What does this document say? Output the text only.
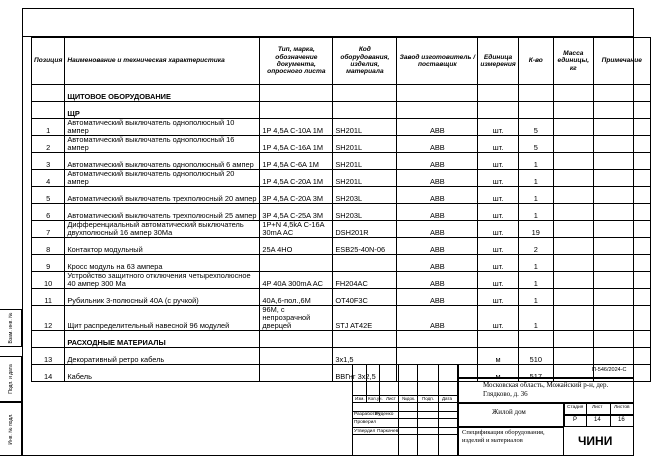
Позиция	Наименование и техническая характеристика	Тип, марка, обозначение документа, опросного листа	Код оборудования, изделия, материала	Завод изготовитель / поставщик	Единица измерения	К-во	Масса единицы, кг	Примечание
	ЩИТОВОЕ ОБОРУДОВАНИЕ							
	ЩР							
1	Автоматический выключатель однополюсный 10 ампер	1P 4,5A C-10A 1M	SH201L	ABB	шт.	5		
2	Автоматический выключатель однополюсный 16 ампер	1P 4,5A C-16A 1M	SH201L	ABB	шт.	5		
3	Автоматический выключатель однополюсный 6 ампер	1P 4,5A C-6A 1M	SH201L	ABB	шт.	1		
4	Автоматический выключатель однополюсный 20 ампер	1P 4,5A C-20A 1M	SH201L	ABB	шт.	1		
5	Автоматический выключатель трехполюсный 20 ампер	3P 4,5A C-20A 3M	SH203L	ABB	шт.	1		
6	Автоматический выключатель трехполюсный 25 ампер	3P 4,5A C-25A 3M	SH203L	ABB	шт.	1		
7	Дифференциальный автоматический выключатель двухполюсный 16 ампер 30Ма	1P+N 4,5kA C-16A 30mA AC	DSH201R	ABB	шт.	19		
8	Контактор модульный	25A 4HO	ESB25-40N-06	ABB	шт.	2		
9	Кросс модуль на 63 ампера			ABB	шт.	1		
10	Устройство защитного отключения четырехполюсное 40 ампер 300 Ма	4P 40A 300mA AC	FH204AC	ABB	шт.	1		
11	Рубильник 3-полюсный 40А (с ручкой)	40А,6-пол.,6М	OT40F3C	ABB	шт.	1		
12	Щит распределительный навесной 96 модулей	96М, с непрозрачной дверцей	STJ AT42E	ABB	шт.	1		
	РАСХОДНЫЕ МАТЕРИАЛЫ							
13	Декоративный ретро кабель		3x1,5		м	510		
14	Кабель		ВВГнг 3х2,5		м	517		
Взам. инв. №
Подп. и дата
Инв. № подл.
П-546/2024-С
Московская область, Можайский р-н, дер. Глядково, д. 36
Жилой дом
Спецификация оборудования, изделий и материалов
Изм. Кол.уч. Лист №док. Подп. Дата
Разработал
Руденко
Проверил
Утвердил Паркачев
Стадия Лист Листов
Р	14	16
ЧИНИ
